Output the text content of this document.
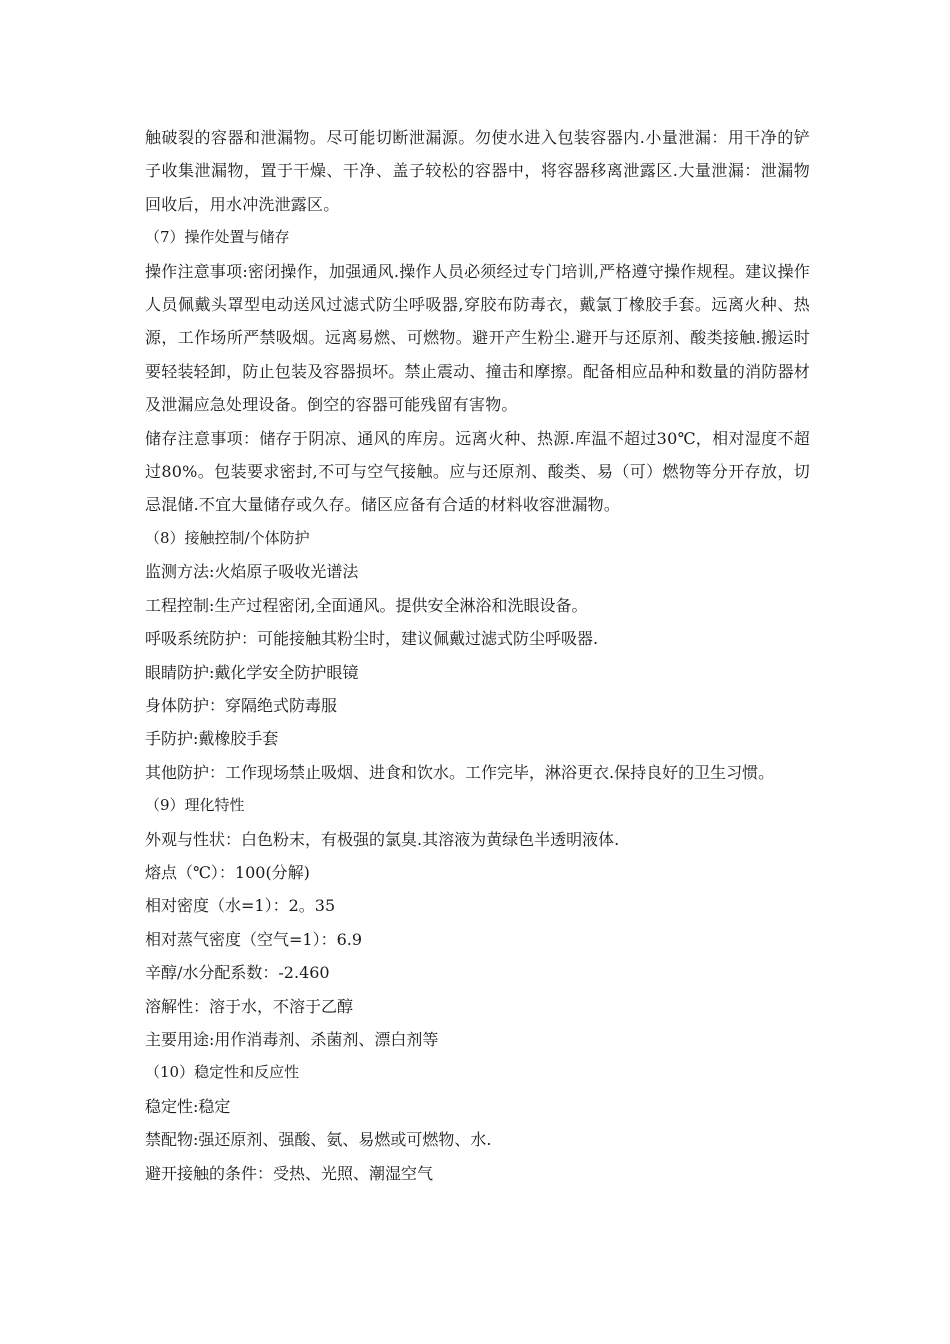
触破裂的容器和泄漏物。尽可能切断泄漏源。勿使水进入包装容器内.小量泄漏：用干净的铲子收集泄漏物，置于干燥、干净、盖子较松的容器中，将容器移离泄露区.大量泄漏：泄漏物回收后，用水冲洗泄露区。

（7）操作处置与储存

操作注意事项:密闭操作，加强通风.操作人员必须经过专门培训,严格遵守操作规程。建议操作人员佩戴头罩型电动送风过滤式防尘呼吸器,穿胶布防毒衣，戴氯丁橡胶手套。远离火种、热源，工作场所严禁吸烟。远离易燃、可燃物。避开产生粉尘.避开与还原剂、酸类接触.搬运时要轻装轻卸，防止包装及容器损坏。禁止震动、撞击和摩擦。配备相应品种和数量的消防器材及泄漏应急处理设备。倒空的容器可能残留有害物。

储存注意事项：储存于阴凉、通风的库房。远离火种、热源.库温不超过30℃，相对湿度不超过80%。包装要求密封,不可与空气接触。应与还原剂、酸类、易（可）燃物等分开存放，切忌混储.不宜大量储存或久存。储区应备有合适的材料收容泄漏物。

（8）接触控制/个体防护

监测方法:火焰原子吸收光谱法

工程控制:生产过程密闭,全面通风。提供安全淋浴和洗眼设备。

呼吸系统防护：可能接触其粉尘时，建议佩戴过滤式防尘呼吸器.

眼睛防护:戴化学安全防护眼镜

身体防护：穿隔绝式防毒服

手防护:戴橡胶手套

其他防护：工作现场禁止吸烟、进食和饮水。工作完毕，淋浴更衣.保持良好的卫生习惯。

（9）理化特性

外观与性状：白色粉末，有极强的氯臭.其溶液为黄绿色半透明液体.

熔点（℃）：100(分解)

相对密度（水=1）：2。35

相对蒸气密度（空气=1）：6.9

辛醇/水分配系数：-2.460

溶解性：溶于水，不溶于乙醇

主要用途:用作消毒剂、杀菌剂、漂白剂等

（10）稳定性和反应性

稳定性:稳定

禁配物:强还原剂、强酸、氨、易燃或可燃物、水.

避开接触的条件：受热、光照、潮湿空气
